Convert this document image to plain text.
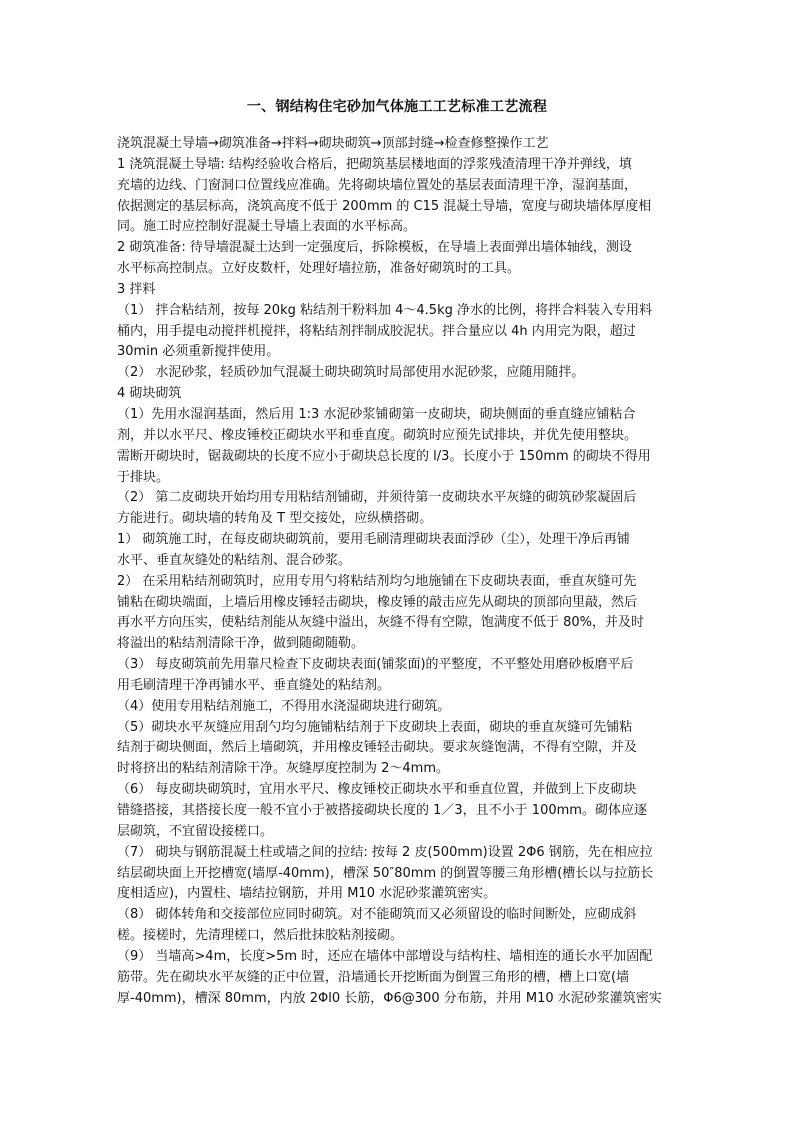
一、钢结构住宅砂加气体施工工艺标准工艺流程
浇筑混凝土导墙→砌筑准备→拌料→砌块砌筑→顶部封缝→检查修整操作工艺
1 浇筑混凝土导墙: 结构经验收合格后，把砌筑基层楼地面的浮浆残渣清理干净并弹线，填
充墙的边线、门窗洞口位置线应准确。先将砌块墙位置处的基层表面清理干净，湿润基面，
依据测定的基层标高，浇筑高度不低于 200mm 的 C15 混凝土导墙，宽度与砌块墙体厚度相
同。施工时应控制好混凝土导墙上表面的水平标高。
2 砌筑准备: 待导墙混凝土达到一定强度后，拆除模板，在导墙上表面弹出墙体轴线，测设
水平标高控制点。立好皮数杆，处理好墙拉筋，准备好砌筑时的工具。
3 拌料
（1） 拌合粘结剂，按每 20kg 粘结剂干粉料加 4～4.5kg 净水的比例，将拌合料装入专用料
桶内，用手提电动搅拌机搅拌，将粘结剂拌制成胶泥状。拌合量应以 4h 内用完为限，超过
30min 必须重新搅拌使用。
（2） 水泥砂浆，轻质砂加气混凝土砌块砌筑时局部使用水泥砂浆，应随用随拌。
4 砌块砌筑
（1）先用水湿润基面，然后用 1:3 水泥砂浆铺砌第一皮砌块，砌块侧面的垂直缝应铺粘合
剂，并以水平尺、橡皮锤校正砌块水平和垂直度。砌筑时应预先试排块，并优先使用整块。
需断开砌块时，锯裁砌块的长度不应小于砌块总长度的 l/3。长度小于 150mm 的砌块不得用
于排块。
（2） 第二皮砌块开始均用专用粘结剂铺砌，并须待第一皮砌块水平灰缝的砌筑砂浆凝固后
方能进行。砌块墙的转角及 T 型交接处，应纵横搭砌。
1） 砌筑施工时，在每皮砌块砌筑前，要用毛刷清理砌块表面浮砂（尘），处理干净后再铺
水平、垂直灰缝处的粘结剂、混合砂浆。
2） 在采用粘结剂砌筑时，应用专用勺将粘结剂均匀地施铺在下皮砌块表面，垂直灰缝可先
铺粘在砌块端面，上墙后用橡皮锤轻击砌块，橡皮锤的敲击应先从砌块的顶部向里敲，然后
再水平方向压实，使粘结剂能从灰缝中溢出，灰缝不得有空隙，饱满度不低于 80%，并及时
将溢出的粘结剂清除干净，做到随砌随勒。
（3） 每皮砌筑前先用靠尺检查下皮砌块表面(铺浆面)的平整度，不平整处用磨砂板磨平后
用毛刷清理干净再铺水平、垂直缝处的粘结剂。
（4）使用专用粘结剂施工，不得用水浇湿砌块进行砌筑。
（5）砌块水平灰缝应用刮勺均匀施铺粘结剂于下皮砌块上表面，砌块的垂直灰缝可先铺粘
结剂于砌块侧面，然后上墙砌筑，并用橡皮锤轻击砌块。要求灰缝饱满，不得有空隙，并及
时将挤出的粘结剂清除干净。灰缝厚度控制为 2～4mm。
（6） 每皮砌块砌筑时，宜用水平尺、橡皮锤校正砌块水平和垂直位置，并做到上下皮砌块
错缝搭接，其搭接长度一般不宜小于被搭接砌块长度的 1／3，且不小于 100mm。砌体应逐
层砌筑，不宜留设接槎口。
（7） 砌块与钢筋混凝土柱或墙之间的拉结: 按每 2 皮(500mm)设置 2Φ6 钢筋，先在相应拉
结层砌块面上开挖槽宽(墙厚-40mm)，槽深 50″80mm 的倒置等腰三角形槽(槽长以与拉筋长
度相适应)，内置柱、墙结拉钢筋，并用 M10 水泥砂浆灌筑密实。
（8） 砌体转角和交接部位应同时砌筑。对不能砌筑而又必须留设的临时间断处，应砌成斜
槎。接槎时，先清理槎口，然后批抹胶粘剂接砌。
（9） 当墙高>4m，长度>5m 时，还应在墙体中部增设与结构柱、墙相连的通长水平加固配
筋带。先在砌块水平灰缝的正中位置，沿墙通长开挖断面为倒置三角形的槽，槽上口宽(墙
厚-40mm)，槽深 80mm，内放 2Φl0 长筋，Φ6@300 分布筋，并用 M10 水泥砂浆灌筑密实
